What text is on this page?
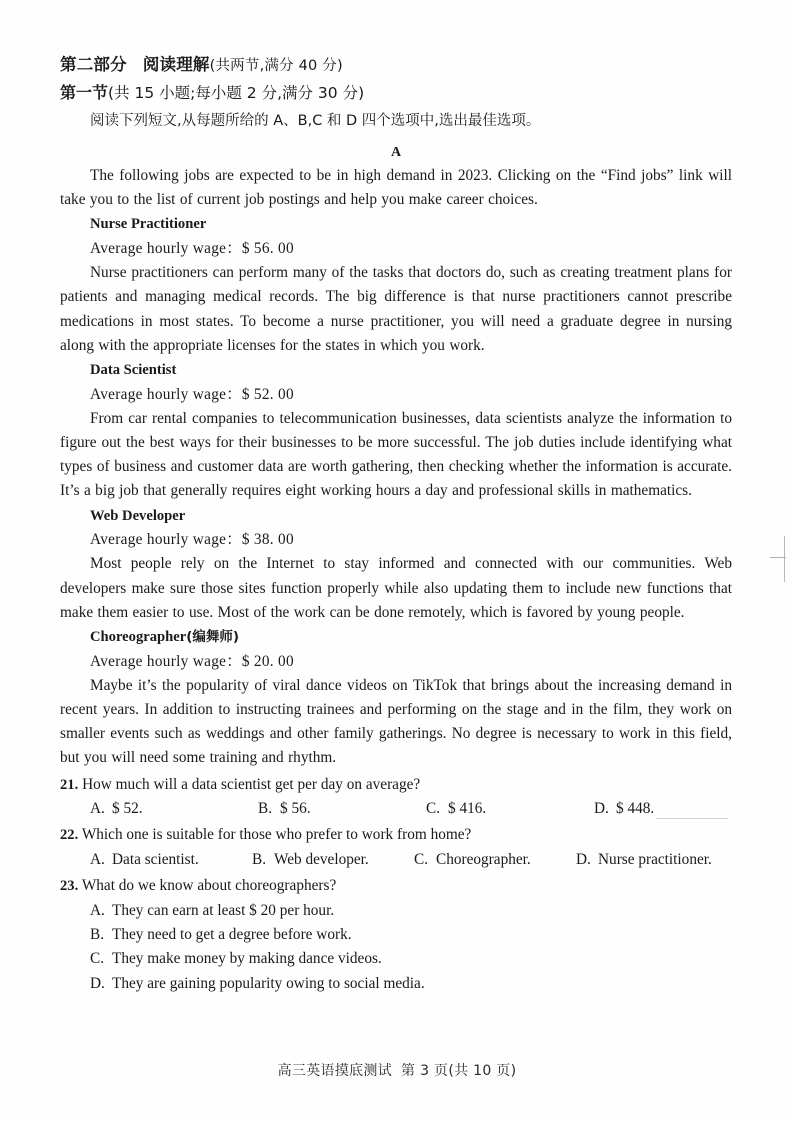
第二部分 阅读理解(共两节,满分 40 分)
第一节(共 15 小题;每小题 2 分,满分 30 分)
阅读下列短文,从每题所给的 A、B,C 和 D 四个选项中,选出最佳选项。
A

The following jobs are expected to be in high demand in 2023. Clicking on the “Find jobs” link will take you to the list of current job postings and help you make career choices.

Nurse Practitioner

Average hourly wage：$ 56. 00

Nurse practitioners can perform many of the tasks that doctors do, such as creating treatment plans for patients and managing medical records. The big difference is that nurse practitioners cannot prescribe medications in most states. To become a nurse practitioner, you will need a graduate degree in nursing along with the appropriate licenses for the states in which you work.

Data Scientist

Average hourly wage：$ 52. 00

From car rental companies to telecommunication businesses, data scientists analyze the information to figure out the best ways for their businesses to be more successful. The job duties include identifying what types of business and customer data are worth gathering, then checking whether the information is accurate. It’s a big job that generally requires eight working hours a day and professional skills in mathematics.

Web Developer

Average hourly wage：$ 38. 00

Most people rely on the Internet to stay informed and connected with our communities. Web developers make sure those sites function properly while also updating them to include new functions that make them easier to use. Most of the work can be done remotely, which is favored by young people.

Choreographer(编舞师)

Average hourly wage：$ 20. 00

Maybe it’s the popularity of viral dance videos on TikTok that brings about the increasing demand in recent years. In addition to instructing trainees and performing on the stage and in the film, they work on smaller events such as weddings and other family gatherings. No degree is necessary to work in this field, but you will need some training and rhythm.

21. How much will a data scientist get per day on average?

A. $ 52.	B. $ 56.	C. $ 416.	D. $ 448.

22. Which one is suitable for those who prefer to work from home?

A. Data scientist.	B. Web developer.	C. Choreographer.	D. Nurse practitioner.

23. What do we know about choreographers?

A. They can earn at least $ 20 per hour.
B. They need to get a degree before work.
C. They make money by making dance videos.
D. They are gaining popularity owing to social media.
高三英语摸底测试 第 3 页(共 10 页)
